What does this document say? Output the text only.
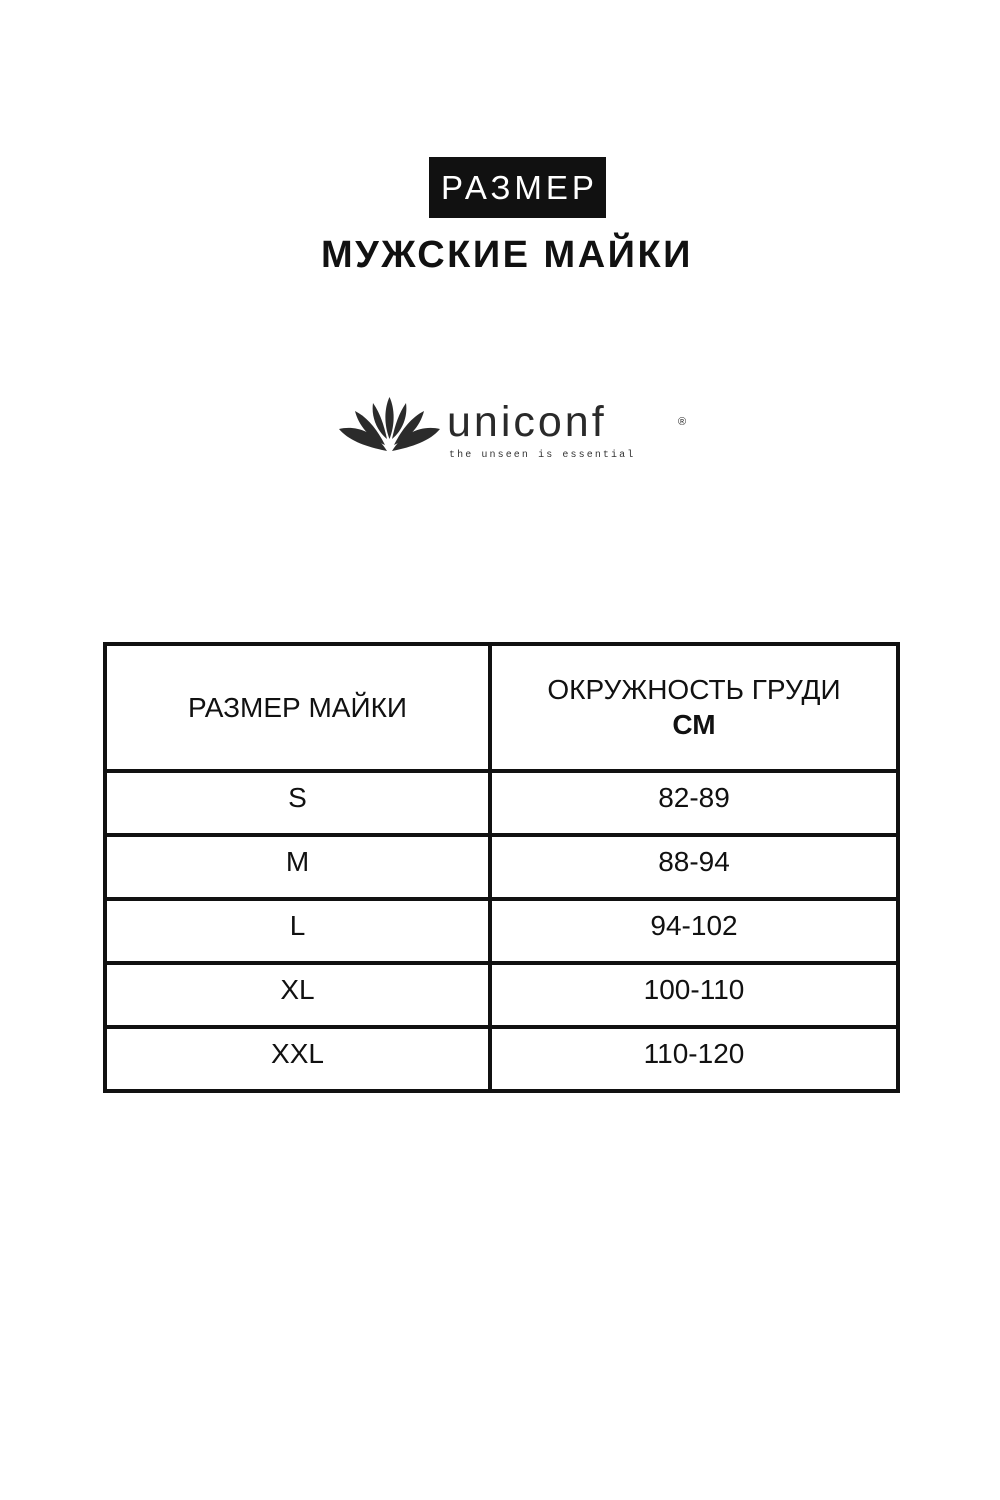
РАЗМЕР
МУЖСКИЕ МАЙКИ
uniconf	®
the unseen is essential
РАЗМЕР МАЙКИ	ОКРУЖНОСТЬ ГРУДИ
СМ

S	82-89
M	88-94
L	94-102
XL	100-110
XXL	110-120
